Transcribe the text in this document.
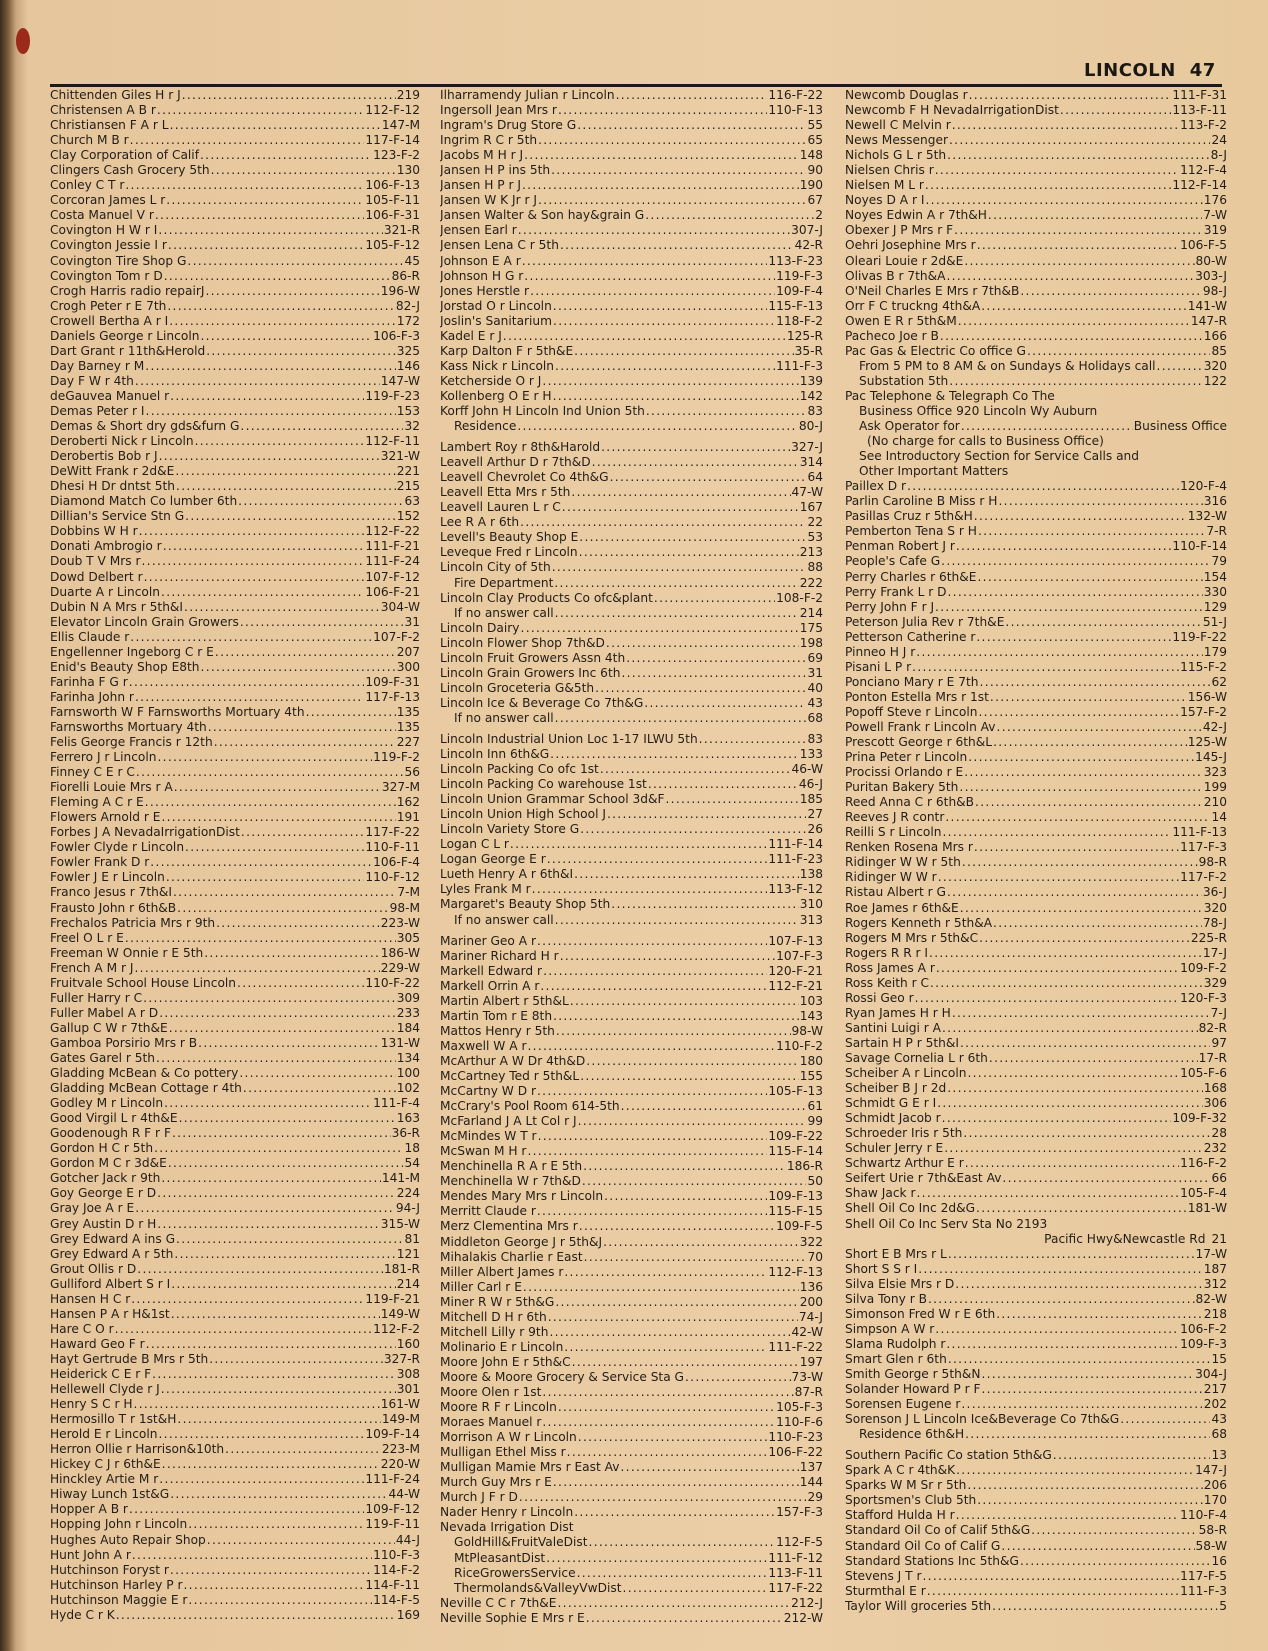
LINCOLN 47
Chittenden Giles H r J .....	219
Christensen A B r .....	112-F-12
Christiansen F A r L .....	147-M
Church M B r .....	117-F-14
Clay Corporation of Calif .....	123-F-2
Clingers Cash Grocery 5th .....	130
Conley C T r .....	106-F-13
Corcoran James L r .....	105-F-11
Costa Manuel V r .....	106-F-31
Covington H W r I .....	321-R
Covington Jessie I r .....	105-F-12
Covington Tire Shop G .....	45
Covington Tom r D .....	86-R
Crogh Harris radio repairJ .....	196-W
Crogh Peter r E 7th .....	82-J
Crowell Bertha A r I .....	172
Daniels George r Lincoln .....	106-F-3
Dart Grant r 11th&Herold .....	325
Day Barney r M .....	146
Day F W r 4th .....	147-W
deGauvea Manuel r .....	119-F-23
Demas Peter r I .....	153
Demas & Short dry gds&furn G .....	32
Deroberti Nick r Lincoln .....	112-F-11
Derobertis Bob r J .....	321-W
DeWitt Frank r 2d&E .....	221
Dhesi H Dr dntst 5th .....	215
Diamond Match Co lumber 6th .....	63
Dillian's Service Stn G .....	152
Dobbins W H r .....	112-F-22
Donati Ambrogio r .....	111-F-21
Doub T V Mrs r .....	111-F-24
Dowd Delbert r .....	107-F-12
Duarte A r Lincoln .....	106-F-21
Dubin N A Mrs r 5th&I .....	304-W
Elevator Lincoln Grain Growers .....	31
Ellis Claude r .....	107-F-2
Engellenner Ingeborg C r E .....	207
Enid's Beauty Shop E8th .....	300
Farinha F G r .....	109-F-31
Farinha John r .....	117-F-13
Farnsworth W F Farnsworths Mortuary 4th .....	135
Farnsworths Mortuary 4th .....	135
Felis George Francis r 12th .....	227
Ferrero J r Lincoln .....	119-F-2
Finney C E r C .....	56
Fiorelli Louie Mrs r A .....	327-M
Fleming A C r E .....	162
Flowers Arnold r E .....	191
Forbes J A NevadaIrrigationDist .....	117-F-22
Fowler Clyde r Lincoln .....	110-F-11
Fowler Frank D r .....	106-F-4
Fowler J E r Lincoln .....	110-F-12
Franco Jesus r 7th&I .....	7-M
Frausto John r 6th&B .....	98-M
Frechalos Patricia Mrs r 9th .....	223-W
Freel O L r E .....	305
Freeman W Onnie r E 5th .....	186-W
French A M r J .....	229-W
Fruitvale School House Lincoln .....	110-F-22
Fuller Harry r C .....	309
Fuller Mabel A r D .....	233
Gallup C W r 7th&E .....	184
Gamboa Porsirio Mrs r B .....	131-W
Gates Garel r 5th .....	134
Gladding McBean & Co pottery .....	100
Gladding McBean Cottage r 4th .....	102
Godley M r Lincoln .....	111-F-4
Good Virgil L r 4th&E .....	163
Goodenough R F r F .....	36-R
Gordon H C r 5th .....	18
Gordon M C r 3d&E .....	54
Gotcher Jack r 9th .....	141-M
Goy George E r D .....	224
Gray Joe A r E .....	94-J
Grey Austin D r H .....	315-W
Grey Edward A ins G .....	81
Grey Edward A r 5th .....	121
Grout Ollis r D .....	181-R
Gulliford Albert S r I .....	214
Hansen H C r .....	119-F-21
Hansen P A r H&1st .....	149-W
Hare C O r .....	112-F-2
Haward Geo F r .....	160
Hayt Gertrude B Mrs r 5th .....	327-R
Heiderick C E r F .....	308
Hellewell Clyde r J .....	301
Henry S C r H .....	161-W
Hermosillo T r 1st&H .....	149-M
Herold E r Lincoln .....	109-F-14
Herron Ollie r Harrison&10th .....	223-M
Hickey C J r 6th&E .....	220-W
Hinckley Artie M r .....	111-F-24
Hiway Lunch 1st&G .....	44-W
Hopper A B r .....	109-F-12
Hopping John r Lincoln .....	119-F-11
Hughes Auto Repair Shop .....	44-J
Hunt John A r .....	110-F-3
Hutchinson Foryst r .....	114-F-2
Hutchinson Harley P r .....	114-F-11
Hutchinson Maggie E r .....	114-F-5
Hyde C r K .....	169
Ilharramendy Julian r Lincoln .....	116-F-22
Ingersoll Jean Mrs r .....	110-F-13
Ingram's Drug Store G .....	55
Ingrim R C r 5th .....	65
Jacobs M H r J .....	148
Jansen H P ins 5th .....	90
Jansen H P r J .....	190
Jansen W K Jr r J .....	67
Jansen Walter & Son hay&grain G .....	2
Jensen Earl r .....	307-J
Jensen Lena C r 5th .....	42-R
Johnson E A r .....	113-F-23
Johnson H G r .....	119-F-3
Jones Herstle r .....	109-F-4
Jorstad O r Lincoln .....	115-F-13
Joslin's Sanitarium .....	118-F-2
Kadel E r J .....	125-R
Karp Dalton F r 5th&E .....	35-R
Kass Nick r Lincoln .....	111-F-3
Ketcherside O r J .....	139
Kollenberg O E r H .....	142
Korff John H Lincoln Ind Union 5th .....	83
Residence .....	80-J
Lambert Roy r 8th&Harold .....	327-J
Leavell Arthur D r 7th&D .....	314
Leavell Chevrolet Co 4th&G .....	64
Leavell Etta Mrs r 5th .....	47-W
Leavell Lauren L r C .....	167
Lee R A r 6th .....	22
Levell's Beauty Shop E .....	53
Leveque Fred r Lincoln .....	213
Lincoln City of 5th .....	88
Fire Department .....	222
Lincoln Clay Products Co ofc&plant .....	108-F-2
If no answer call .....	214
Lincoln Dairy .....	175
Lincoln Flower Shop 7th&D .....	198
Lincoln Fruit Growers Assn 4th .....	69
Lincoln Grain Growers Inc 6th .....	31
Lincoln Groceteria G&5th .....	40
Lincoln Ice & Beverage Co 7th&G .....	43
If no answer call .....	68
Lincoln Industrial Union Loc 1-17 ILWU 5th .....	83
Lincoln Inn 6th&G .....	133
Lincoln Packing Co ofc 1st .....	46-W
Lincoln Packing Co warehouse 1st .....	46-J
Lincoln Union Grammar School 3d&F .....	185
Lincoln Union High School J .....	27
Lincoln Variety Store G .....	26
Logan C L r .....	111-F-14
Logan George E r .....	111-F-23
Lueth Henry A r 6th&I .....	138
Lyles Frank M r .....	113-F-12
Margaret's Beauty Shop 5th .....	310
If no answer call .....	313
Mariner Geo A r .....	107-F-13
Mariner Richard H r .....	107-F-3
Markell Edward r .....	120-F-21
Markell Orrin A r .....	112-F-21
Martin Albert r 5th&L .....	103
Martin Tom r E 8th .....	143
Mattos Henry r 5th .....	98-W
Maxwell W A r .....	110-F-2
McArthur A W Dr 4th&D .....	180
McCartney Ted r 5th&L .....	155
McCartny W D r .....	105-F-13
McCrary's Pool Room 614-5th .....	61
McFarland J A Lt Col r J .....	99
McMindes W T r .....	109-F-22
McSwan M H r .....	115-F-14
Menchinella R A r E 5th .....	186-R
Menchinella W r 7th&D .....	50
Mendes Mary Mrs r Lincoln .....	109-F-13
Merritt Claude r .....	115-F-15
Merz Clementina Mrs r .....	109-F-5
Middleton George J r 5th&J .....	322
Mihalakis Charlie r East .....	70
Miller Albert James r .....	112-F-13
Miller Carl r E .....	136
Miner R W r 5th&G .....	200
Mitchell D H r 6th .....	74-J
Mitchell Lilly r 9th .....	42-W
Molinario E r Lincoln .....	111-F-22
Moore John E r 5th&C .....	197
Moore & Moore Grocery & Service Sta G .....	73-W
Moore Olen r 1st .....	87-R
Moore R F r Lincoln .....	105-F-3
Moraes Manuel r .....	110-F-6
Morrison A W r Lincoln .....	110-F-23
Mulligan Ethel Miss r .....	106-F-22
Mulligan Mamie Mrs r East Av .....	137
Murch Guy Mrs r E .....	144
Murch J F r D .....	29
Nader Henry r Lincoln .....	157-F-3
Nevada Irrigation Dist
GoldHill&FruitValeDist .....	112-F-5
MtPleasantDist .....	111-F-12
RiceGrowersService .....	113-F-11
Thermolands&ValleyVwDist .....	117-F-22
Neville C C r 7th&E .....	212-J
Neville Sophie E Mrs r E .....	212-W
Newcomb Douglas r .....	111-F-31
Newcomb F H NevadaIrrigationDist .....	113-F-11
Newell C Melvin r .....	113-F-2
News Messenger .....	24
Nichols G L r 5th .....	8-J
Nielsen Chris r .....	112-F-4
Nielsen M L r .....	112-F-14
Noyes D A r I .....	176
Noyes Edwin A r 7th&H .....	7-W
Obexer J P Mrs r F .....	319
Oehri Josephine Mrs r .....	106-F-5
Oleari Louie r 2d&E .....	80-W
Olivas B r 7th&A .....	303-J
O'Neil Charles E Mrs r 7th&B .....	98-J
Orr F C truckng 4th&A .....	141-W
Owen E R r 5th&M .....	147-R
Pacheco Joe r B .....	166
Pac Gas & Electric Co office G .....	85
From 5 PM to 8 AM & on Sundays & Holidays call .....	320
Substation 5th .....	122
Pac Telephone & Telegraph Co The
Business Office 920 Lincoln Wy Auburn
Ask Operator for .....	Business Office
(No charge for calls to Business Office)
See Introductory Section for Service Calls and
Other Important Matters
Paillex D r .....	120-F-4
Parlin Caroline B Miss r H .....	316
Pasillas Cruz r 5th&H .....	132-W
Pemberton Tena S r H .....	7-R
Penman Robert J r .....	110-F-14
People's Cafe G .....	79
Perry Charles r 6th&E .....	154
Perry Frank L r D .....	330
Perry John F r J .....	129
Peterson Julia Rev r 7th&E .....	51-J
Petterson Catherine r .....	119-F-22
Pinneo H J r .....	179
Pisani L P r .....	115-F-2
Ponciano Mary r E 7th .....	62
Ponton Estella Mrs r 1st .....	156-W
Popoff Steve r Lincoln .....	157-F-2
Powell Frank r Lincoln Av .....	42-J
Prescott George r 6th&L .....	125-W
Prina Peter r Lincoln .....	145-J
Procissi Orlando r E .....	323
Puritan Bakery 5th .....	199
Reed Anna C r 6th&B .....	210
Reeves J R contr .....	14
Reilli S r Lincoln .....	111-F-13
Renken Rosena Mrs r .....	117-F-3
Ridinger W W r 5th .....	98-R
Ridinger W W r .....	117-F-2
Ristau Albert r G .....	36-J
Roe James r 6th&E .....	320
Rogers Kenneth r 5th&A .....	78-J
Rogers M Mrs r 5th&C .....	225-R
Rogers R R r I .....	17-J
Ross James A r .....	109-F-2
Ross Keith r C .....	329
Rossi Geo r .....	120-F-3
Ryan James H r H .....	7-J
Santini Luigi r A .....	82-R
Sartain H P r 5th&I .....	97
Savage Cornelia L r 6th .....	17-R
Scheiber A r Lincoln .....	105-F-6
Scheiber B J r 2d .....	168
Schmidt G E r I .....	306
Schmidt Jacob r .....	109-F-32
Schroeder Iris r 5th .....	28
Schuler Jerry r E .....	232
Schwartz Arthur E r .....	116-F-2
Seifert Urie r 7th&East Av .....	66
Shaw Jack r .....	105-F-4
Shell Oil Co Inc 2d&G .....	181-W
Shell Oil Co Inc Serv Sta No 2193
Pacific Hwy&Newcastle Rd 21
Short E B Mrs r L .....	17-W
Short S S r I .....	187
Silva Elsie Mrs r D .....	312
Silva Tony r B .....	82-W
Simonson Fred W r E 6th .....	218
Simpson A W r .....	106-F-2
Slama Rudolph r .....	109-F-3
Smart Glen r 6th .....	15
Smith George r 5th&N .....	304-J
Solander Howard P r F .....	217
Sorensen Eugene r .....	202
Sorenson J L Lincoln Ice&Beverage Co 7th&G .....	43
Residence 6th&H .....	68
Southern Pacific Co station 5th&G .....	13
Spark A C r 4th&K .....	147-J
Sparks W M Sr r 5th .....	206
Sportsmen's Club 5th .....	170
Stafford Hulda H r .....	110-F-4
Standard Oil Co of Calif 5th&G .....	58-R
Standard Oil Co of Calif G .....	58-W
Standard Stations Inc 5th&G .....	16
Stevens J T r .....	117-F-5
Sturmthal E r .....	111-F-3
Taylor Will groceries 5th .....	5
